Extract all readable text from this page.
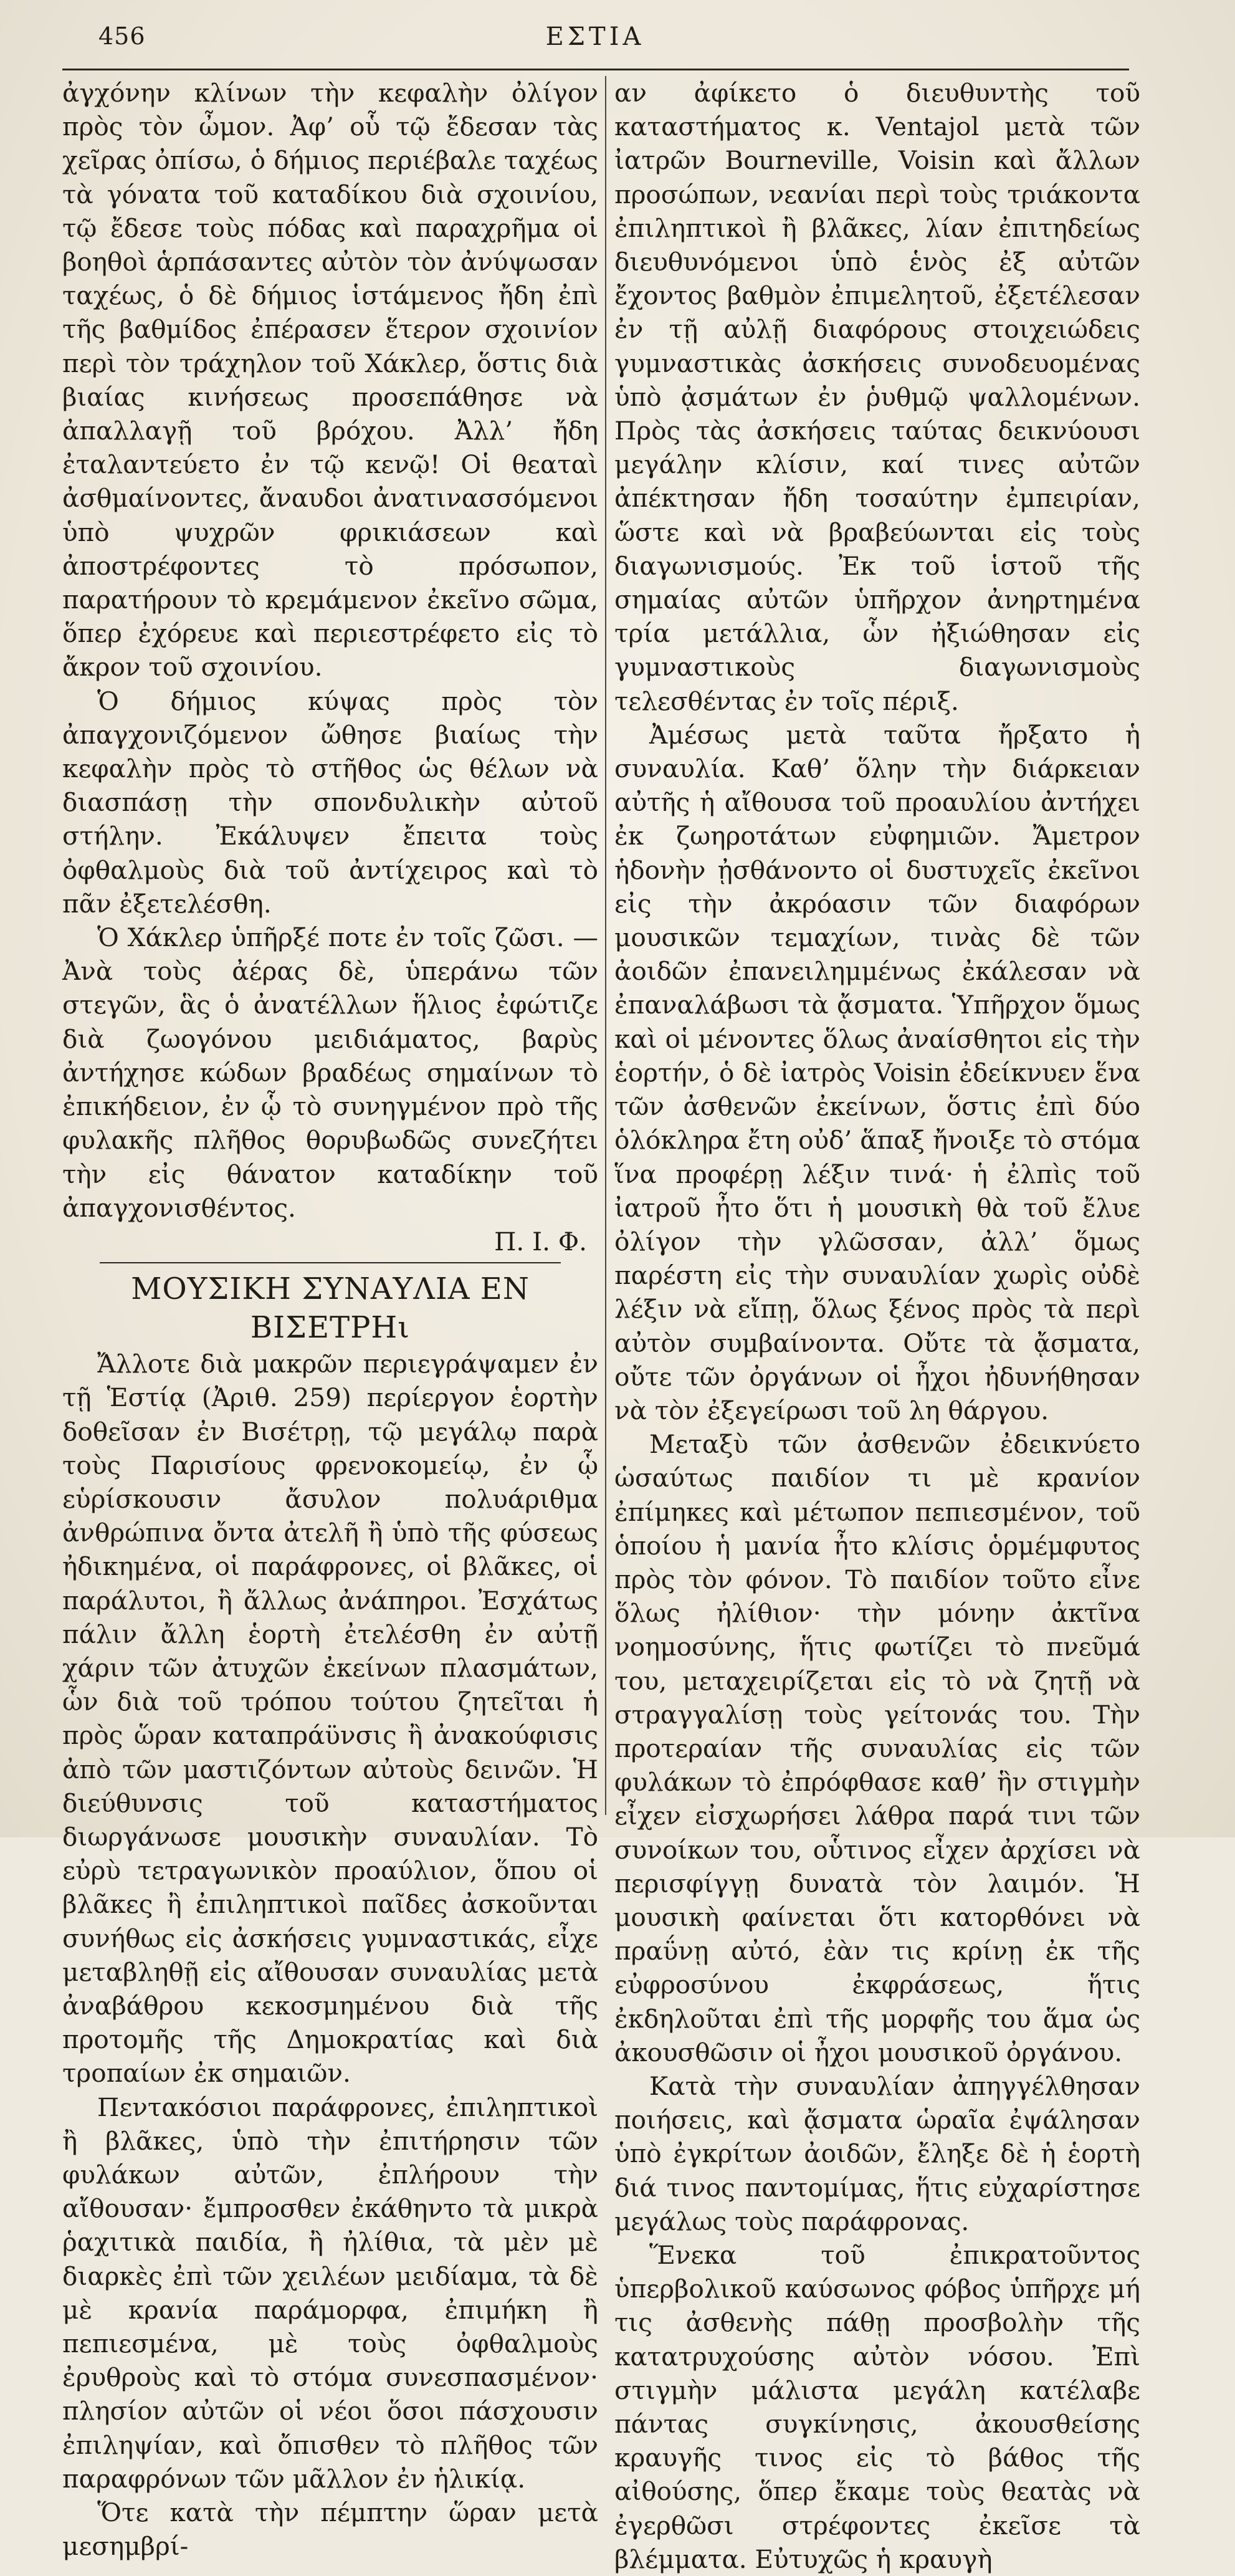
456	ΕΣΤΙΑ

ἀγχόνην κλίνων τὴν κεφαλὴν ὀλίγον πρὸς τὸν ὦμον. Ἀφ’ οὗ τῷ ἔδεσαν τὰς χεῖρας ὀπίσω, ὁ δήμιος περιέβαλε ταχέως τὰ γόνατα τοῦ καταδίκου διὰ σχοινίου, τῷ ἔδεσε τοὺς πόδας καὶ παραχρῆμα οἱ βοηθοὶ ἁρπάσαντες αὐτὸν τὸν ἀνύψωσαν ταχέως, ὁ δὲ δήμιος ἱστάμενος ἤδη ἐπὶ τῆς βαθμίδος ἐπέρασεν ἕτερον σχοινίον περὶ τὸν τράχηλον τοῦ Χάκλερ, ὅστις διὰ βιαίας κινήσεως προσεπάθησε νὰ ἀπαλλαγῇ τοῦ βρόχου. Ἀλλ’ ἤδη ἐταλαντεύετο ἐν τῷ κενῷ! Οἱ θεαταὶ ἀσθμαίνοντες, ἄναυδοι ἀνατινασσόμενοι ὑπὸ ψυχρῶν φρικιάσεων καὶ ἀποστρέφοντες τὸ πρόσωπον, παρατήρουν τὸ κρεμάμενον ἐκεῖνο σῶμα, ὅπερ ἐχόρευε καὶ περιεστρέφετο εἰς τὸ ἄκρον τοῦ σχοινίου.

Ὁ δήμιος κύψας πρὸς τὸν ἀπαγχονιζόμενον ὤθησε βιαίως τὴν κεφαλὴν πρὸς τὸ στῆθος ὡς θέλων νὰ διασπάσῃ τὴν σπονδυλικὴν αὐτοῦ στήλην. Ἐκάλυψεν ἔπειτα τοὺς ὀφθαλμοὺς διὰ τοῦ ἀντίχειρος καὶ τὸ πᾶν ἐξετελέσθη.

Ὁ Χάκλερ ὑπῆρξέ ποτε ἐν τοῖς ζῶσι. — Ἀνὰ τοὺς ἀέρας δὲ, ὑπεράνω τῶν στεγῶν, ἃς ὁ ἀνατέλλων ἥλιος ἐφώτιζε διὰ ζωογόνου μειδιάματος, βαρὺς ἀντήχησε κώδων βραδέως σημαίνων τὸ ἐπικήδειον, ἐν ᾧ τὸ συνηγμένον πρὸ τῆς φυλακῆς πλῆθος θορυβωδῶς συνεζήτει τὴν εἰς θάνατον καταδίκην τοῦ ἀπαγχονισθέντος.

Π. Ι. Φ.

ΜΟΥΣΙΚΗ ΣΥΝΑΥΛΙΑ ΕΝ ΒΙΣΕΤΡΗι

Ἄλλοτε διὰ μακρῶν περιεγράψαμεν ἐν τῇ Ἑστίᾳ (Ἀριθ. 259) περίεργον ἑορτὴν δοθεῖσαν ἐν Βισέτρῃ, τῷ μεγάλῳ παρὰ τοὺς Παρισίους φρενοκομείῳ, ἐν ᾧ εὑρίσκουσιν ἄσυλον πολυάριθμα ἀνθρώπινα ὄντα ἀτελῆ ἢ ὑπὸ τῆς φύσεως ἠδικημένα, οἱ παράφρονες, οἱ βλᾶκες, οἱ παράλυτοι, ἢ ἄλλως ἀνάπηροι. Ἐσχάτως πάλιν ἄλλη ἑορτὴ ἐτελέσθη ἐν αὐτῇ χάριν τῶν ἀτυχῶν ἐκείνων πλασμάτων, ὧν διὰ τοῦ τρόπου τούτου ζητεῖται ἡ πρὸς ὥραν καταπράϋνσις ἢ ἀνακούφισις ἀπὸ τῶν μαστιζόντων αὐτοὺς δεινῶν. Ἡ διεύθυνσις τοῦ καταστήματος διωργάνωσε μουσικὴν συναυλίαν. Τὸ εὐρὺ τετραγωνικὸν προαύλιον, ὅπου οἱ βλᾶκες ἢ ἐπιληπτικοὶ παῖδες ἀσκοῦνται συνήθως εἰς ἀσκήσεις γυμναστικάς, εἶχε μεταβληθῇ εἰς αἴθουσαν συναυλίας μετὰ ἀναβάθρου κεκοσμημένου διὰ τῆς προτομῆς τῆς Δημοκρατίας καὶ διὰ τροπαίων ἐκ σημαιῶν.

Πεντακόσιοι παράφρονες, ἐπιληπτικοὶ ἢ βλᾶκες, ὑπὸ τὴν ἐπιτήρησιν τῶν φυλάκων αὐτῶν, ἐπλήρουν τὴν αἴθουσαν· ἔμπροσθεν ἐκάθηντο τὰ μικρὰ ῥαχιτικὰ παιδία, ἢ ἠλίθια, τὰ μὲν μὲ διαρκὲς ἐπὶ τῶν χειλέων μειδίαμα, τὰ δὲ μὲ κρανία παράμορφα, ἐπιμήκη ἢ πεπιεσμένα, μὲ τοὺς ὀφθαλμοὺς ἐρυθροὺς καὶ τὸ στόμα συνεσπασμένον· πλησίον αὐτῶν οἱ νέοι ὅσοι πάσχουσιν ἐπιληψίαν, καὶ ὄπισθεν τὸ πλῆθος τῶν παραφρόνων τῶν μᾶλλον ἐν ἡλικίᾳ.

Ὅτε κατὰ τὴν πέμπτην ὥραν μετὰ μεσημβρί-

αν ἀφίκετο ὁ διευθυντὴς τοῦ καταστήματος κ. Ventajol μετὰ τῶν ἰατρῶν Bourneville, Voisin καὶ ἄλλων προσώπων, νεανίαι περὶ τοὺς τριάκοντα ἐπιληπτικοὶ ἢ βλᾶκες, λίαν ἐπιτηδείως διευθυνόμενοι ὑπὸ ἑνὸς ἐξ αὐτῶν ἔχοντος βαθμὸν ἐπιμελητοῦ, ἐξετέλεσαν ἐν τῇ αὐλῇ διαφόρους στοιχειώδεις γυμναστικὰς ἀσκήσεις συνοδευομένας ὑπὸ ᾀσμάτων ἐν ῥυθμῷ ψαλλομένων. Πρὸς τὰς ἀσκήσεις ταύτας δεικνύουσι μεγάλην κλίσιν, καί τινες αὐτῶν ἀπέκτησαν ἤδη τοσαύτην ἐμπειρίαν, ὥστε καὶ νὰ βραβεύωνται εἰς τοὺς διαγωνισμούς. Ἐκ τοῦ ἱστοῦ τῆς σημαίας αὐτῶν ὑπῆρχον ἀνηρτημένα τρία μετάλλια, ὧν ἠξιώθησαν εἰς γυμναστικοὺς διαγωνισμοὺς τελεσθέντας ἐν τοῖς πέριξ.

Ἀμέσως μετὰ ταῦτα ἤρξατο ἡ συναυλία. Καθ’ ὅλην τὴν διάρκειαν αὐτῆς ἡ αἴθουσα τοῦ προαυλίου ἀντήχει ἐκ ζωηροτάτων εὐφημιῶν. Ἄμετρον ἡδονὴν ᾐσθάνοντο οἱ δυστυχεῖς ἐκεῖνοι εἰς τὴν ἀκρόασιν τῶν διαφόρων μουσικῶν τεμαχίων, τινὰς δὲ τῶν ἀοιδῶν ἐπανειλημμένως ἐκάλεσαν νὰ ἐπαναλάβωσι τὰ ᾄσματα. Ὑπῆρχον ὅμως καὶ οἱ μένοντες ὅλως ἀναίσθητοι εἰς τὴν ἑορτήν, ὁ δὲ ἰατρὸς Voisin ἐδείκνυεν ἕνα τῶν ἀσθενῶν ἐκείνων, ὅστις ἐπὶ δύο ὁλόκληρα ἔτη οὐδ’ ἅπαξ ἤνοιξε τὸ στόμα ἵνα προφέρῃ λέξιν τινά· ἡ ἐλπὶς τοῦ ἰατροῦ ἦτο ὅτι ἡ μουσικὴ θὰ τοῦ ἔλυε ὀλίγον τὴν γλῶσσαν, ἀλλ’ ὅμως παρέστη εἰς τὴν συναυλίαν χωρὶς οὐδὲ λέξιν νὰ εἴπῃ, ὅλως ξένος πρὸς τὰ περὶ αὐτὸν συμβαίνοντα. Οὔτε τὰ ᾄσματα, οὔτε τῶν ὀργάνων οἱ ἦχοι ἠδυνήθησαν νὰ τὸν ἐξεγείρωσι τοῦ λη θάργου.

Μεταξὺ τῶν ἀσθενῶν ἐδεικνύετο ὡσαύτως παιδίον τι μὲ κρανίον ἐπίμηκες καὶ μέτωπον πεπιεσμένον, τοῦ ὁποίου ἡ μανία ἦτο κλίσις ὁρμέμφυτος πρὸς τὸν φόνον. Τὸ παιδίον τοῦτο εἶνε ὅλως ἠλίθιον· τὴν μόνην ἀκτῖνα νοημοσύνης, ἥτις φωτίζει τὸ πνεῦμά του, μεταχειρίζεται εἰς τὸ νὰ ζητῇ νὰ στραγγαλίσῃ τοὺς γείτονάς του. Τὴν προτεραίαν τῆς συναυλίας εἰς τῶν φυλάκων τὸ ἐπρόφθασε καθ’ ἣν στιγμὴν εἶχεν εἰσχωρήσει λάθρα παρά τινι τῶν συνοίκων του, οὗτινος εἶχεν ἀρχίσει νὰ περισφίγγῃ δυνατὰ τὸν λαιμόν. Ἡ μουσικὴ φαίνεται ὅτι κατορθόνει νὰ πραΰνῃ αὐτό, ἐὰν τις κρίνῃ ἐκ τῆς εὐφροσύνου ἐκφράσεως, ἥτις ἐκδηλοῦται ἐπὶ τῆς μορφῆς του ἅμα ὡς ἀκουσθῶσιν οἱ ἦχοι μουσικοῦ ὀργάνου.

Κατὰ τὴν συναυλίαν ἀπηγγέλθησαν ποιήσεις, καὶ ᾄσματα ὡραῖα ἐψάλησαν ὑπὸ ἐγκρίτων ἀοιδῶν, ἔληξε δὲ ἡ ἑορτὴ διά τινος παντομίμας, ἥτις εὐχαρίστησε μεγάλως τοὺς παράφρονας.

Ἕνεκα τοῦ ἐπικρατοῦντος ὑπερβολικοῦ καύσωνος φόβος ὑπῆρχε μή τις ἀσθενὴς πάθῃ προσβολὴν τῆς κατατρυχούσης αὐτὸν νόσου. Ἐπὶ στιγμὴν μάλιστα μεγάλη κατέλαβε πάντας συγκίνησις, ἀκουσθείσης κραυγῆς τινος εἰς τὸ βάθος τῆς αἰθούσης, ὅπερ ἔκαμε τοὺς θεατὰς νὰ ἐγερθῶσι στρέφοντες ἐκεῖσε τὰ βλέμματα. Εὐτυχῶς ἡ κραυγὴ
